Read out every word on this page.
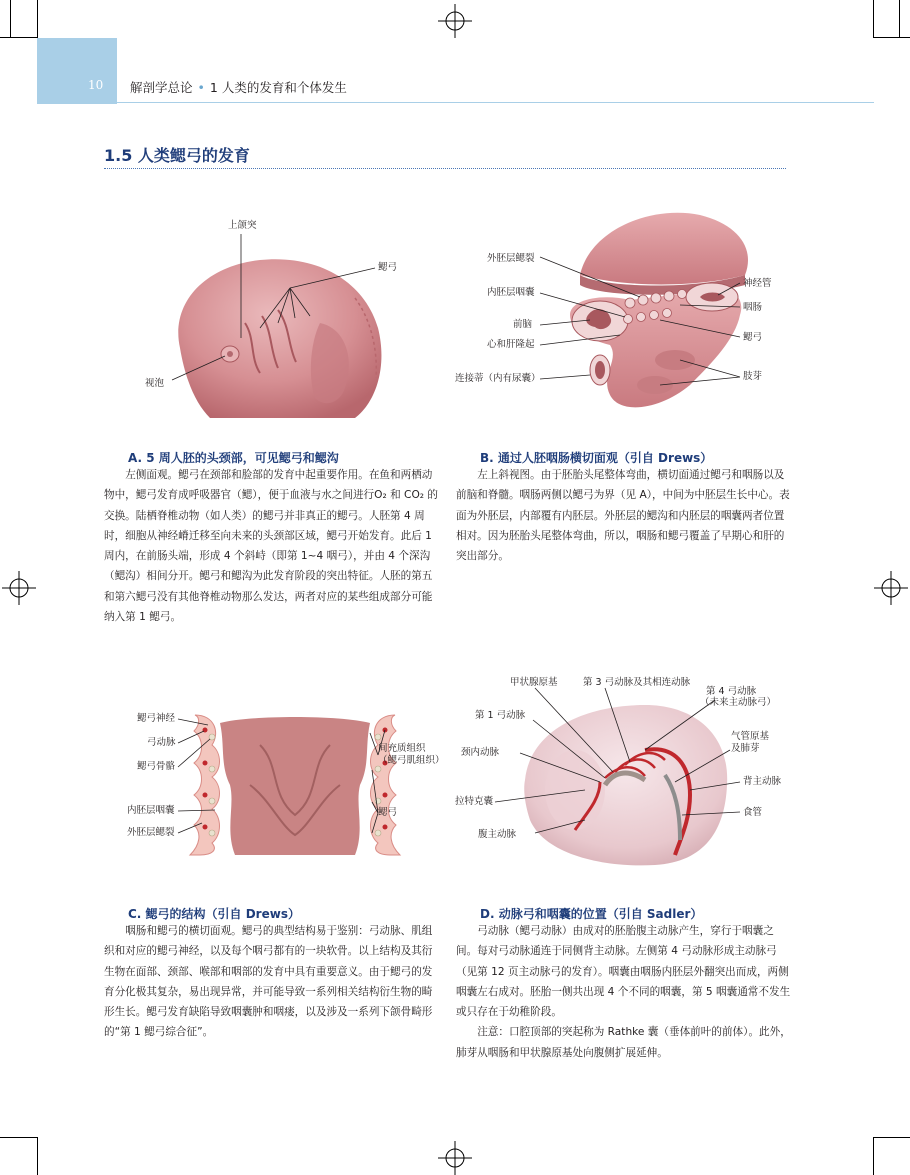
10 解剖学总论 • 1 人类的发育和个体发生
1.5 人类鳃弓的发育
上颌突
鳃弓
视泡
A. 5 周人胚的头颈部，可见鳃弓和鳃沟

左侧面观。鳃弓在颈部和脸部的发育中起重要作用。在鱼和两栖动物中，鳃弓发育成呼吸器官（鳃），便于血液与水之间进行O₂ 和 CO₂ 的交换。陆栖脊椎动物（如人类）的鳃弓并非真正的鳃弓。人胚第 4 周时，细胞从神经嵴迁移至向未来的头颈部区域，鳃弓开始发育。此后 1 周内，在前肠头端，形成 4 个斜峙（即第 1~4 咽弓），并由 4 个深沟（鳃沟）相间分开。鳃弓和鳃沟为此发育阶段的突出特征。人胚的第五和第六鳃弓没有其他脊椎动物那么发达，两者对应的某些组成部分可能纳入第 1 鳃弓。

外胚层鳃裂
内胚层咽囊
前脑
心和肝隆起
连接蒂（内有尿囊）
神经管
咽肠
鳃弓
肢芽
B. 通过人胚咽肠横切面观（引自 Drews）

左上斜视图。由于胚胎头尾整体弯曲，横切面通过鳃弓和咽肠以及前脑和脊髓。咽肠两侧以鳃弓为界（见 A），中间为中胚层生长中心。表面为外胚层，内部覆有内胚层。外胚层的鳃沟和内胚层的咽囊两者位置相对。因为胚胎头尾整体弯曲，所以，咽肠和鳃弓覆盖了早期心和肝的突出部分。

鳃弓神经
弓动脉
鳃弓骨骼
内胚层咽囊
外胚层鳃裂
间充质组织
（鳃弓肌组织）
鳃弓
C. 鳃弓的结构（引自 Drews）

咽肠和鳃弓的横切面观。鳃弓的典型结构易于鉴别：弓动脉、肌组织和对应的鳃弓神经，以及每个咽弓都有的一块软骨。以上结构及其衍生物在面部、颈部、喉部和咽部的发育中具有重要意义。由于鳃弓的发育分化极其复杂，易出现异常，并可能导致一系列相关结构衍生物的畸形生长。鳃弓发育缺陷导致咽囊肿和咽瘘，以及涉及一系列下颌骨畸形的“第 1 鳃弓综合征”。

甲状腺原基	第 3 弓动脉及其相连动脉
第 4 弓动脉
（未来主动脉弓）
第 1 弓动脉
颈内动脉
气管原基
及肺芽
背主动脉
食管
拉特克囊
腹主动脉
D. 动脉弓和咽囊的位置（引自 Sadler）

弓动脉（鳃弓动脉）由成对的胚胎腹主动脉产生，穿行于咽囊之间。每对弓动脉通连于同侧背主动脉。左侧第 4 弓动脉形成主动脉弓（见第 12 页主动脉弓的发育）。咽囊由咽肠内胚层外翻突出而成，两侧咽囊左右成对。胚胎一侧共出现 4 个不同的咽囊，第 5 咽囊通常不发生或只存在于幼稚阶段。

注意：口腔顶部的突起称为 Rathke 囊（垂体前叶的前体）。此外，肺芽从咽肠和甲状腺原基处向腹侧扩展延伸。
